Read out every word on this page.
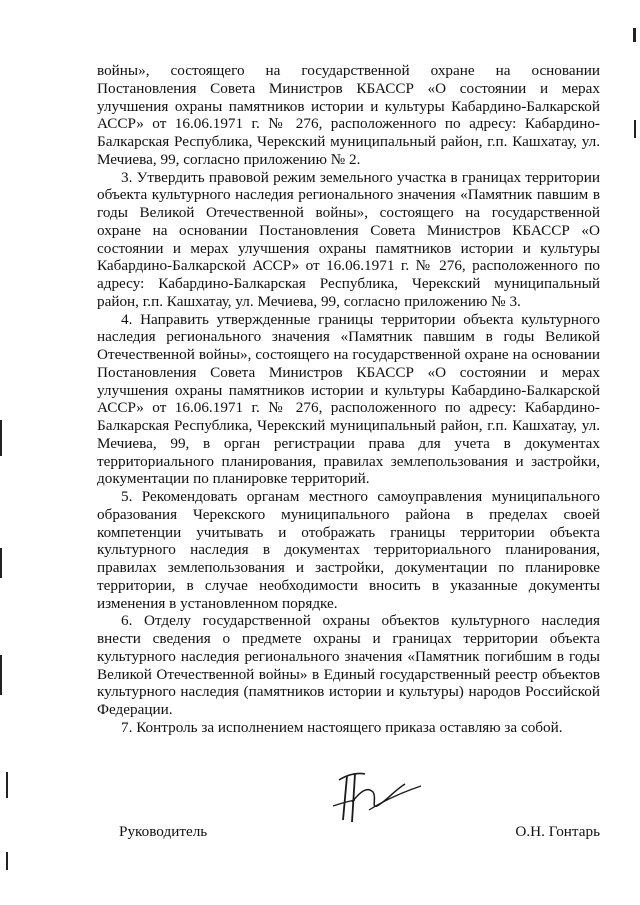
войны», состоящего на государственной охране на основании Постановления Совета Министров КБАССР «О состоянии и мерах улучшения охраны памятников истории и культуры Кабардино-Балкарской АССР» от 16.06.1971 г. № 276, расположенного по адресу: Кабардино-Балкарская Республика, Черекский муниципальный район, г.п. Кашхатау, ул. Мечиева, 99, согласно приложению № 2.

3. Утвердить правовой режим земельного участка в границах территории объекта культурного наследия регионального значения «Памятник павшим в годы Великой Отечественной войны», состоящего на государственной охране на основании Постановления Совета Министров КБАССР «О состоянии и мерах улучшения охраны памятников истории и культуры Кабардино-Балкарской АССР» от 16.06.1971 г. № 276, расположенного по адресу: Кабардино-Балкарская Республика, Черекский муниципальный район, г.п. Кашхатау, ул. Мечиева, 99, согласно приложению № 3.

4. Направить утвержденные границы территории объекта культурного наследия регионального значения «Памятник павшим в годы Великой Отечественной войны», состоящего на государственной охране на основании Постановления Совета Министров КБАССР «О состоянии и мерах улучшения охраны памятников истории и культуры Кабардино-Балкарской АССР» от 16.06.1971 г. № 276, расположенного по адресу: Кабардино-Балкарская Республика, Черекский муниципальный район, г.п. Кашхатау, ул. Мечиева, 99, в орган регистрации права для учета в документах территориального планирования, правилах землепользования и застройки, документации по планировке территорий.

5. Рекомендовать органам местного самоуправления муниципального образования Черекского муниципального района в пределах своей компетенции учитывать и отображать границы территории объекта культурного наследия в документах территориального планирования, правилах землепользования и застройки, документации по планировке территории, в случае необходимости вносить в указанные документы изменения в установленном порядке.

6. Отделу государственной охраны объектов культурного наследия внести сведения о предмете охраны и границах территории объекта культурного наследия регионального значения «Памятник погибшим в годы Великой Отечественной войны» в Единый государственный реестр объектов культурного наследия (памятников истории и культуры) народов Российской Федерации.

7. Контроль за исполнением настоящего приказа оставляю за собой.

Руководитель	О.Н. Гонтарь
